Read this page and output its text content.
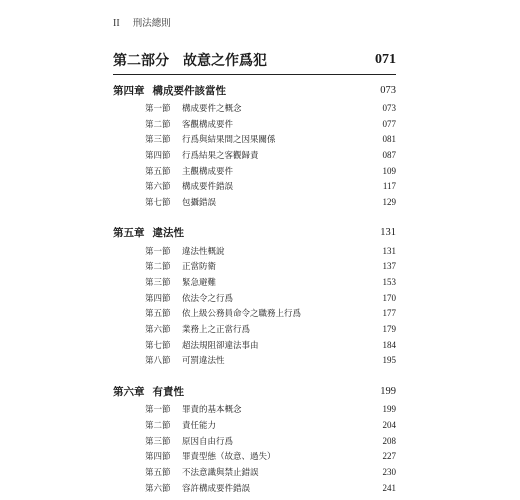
II 刑法總則
第二部分　故意之作爲犯	071
第四章 構成要件該當性	073
第一節	構成要件之概念	073
第二節	客觀構成要件	077
第三節	行爲與結果間之因果關係	081
第四節	行爲結果之客觀歸責	087
第五節	主觀構成要件	109
第六節	構成要件錯誤	117
第七節	包攝錯誤	129
第五章 違法性	131
第一節	違法性概說	131
第二節	正當防衛	137
第三節	緊急避難	153
第四節	依法令之行爲	170
第五節	依上級公務員命令之職務上行爲	177
第六節	業務上之正當行爲	179
第七節	超法規阻卻違法事由	184
第八節	可罰違法性	195
第六章 有責性	199
第一節	罪責的基本概念	199
第二節	責任能力	204
第三節	原因自由行爲	208
第四節	罪責型態（故意、過失）	227
第五節	不法意識與禁止錯誤	230
第六節	容許構成要件錯誤	241
